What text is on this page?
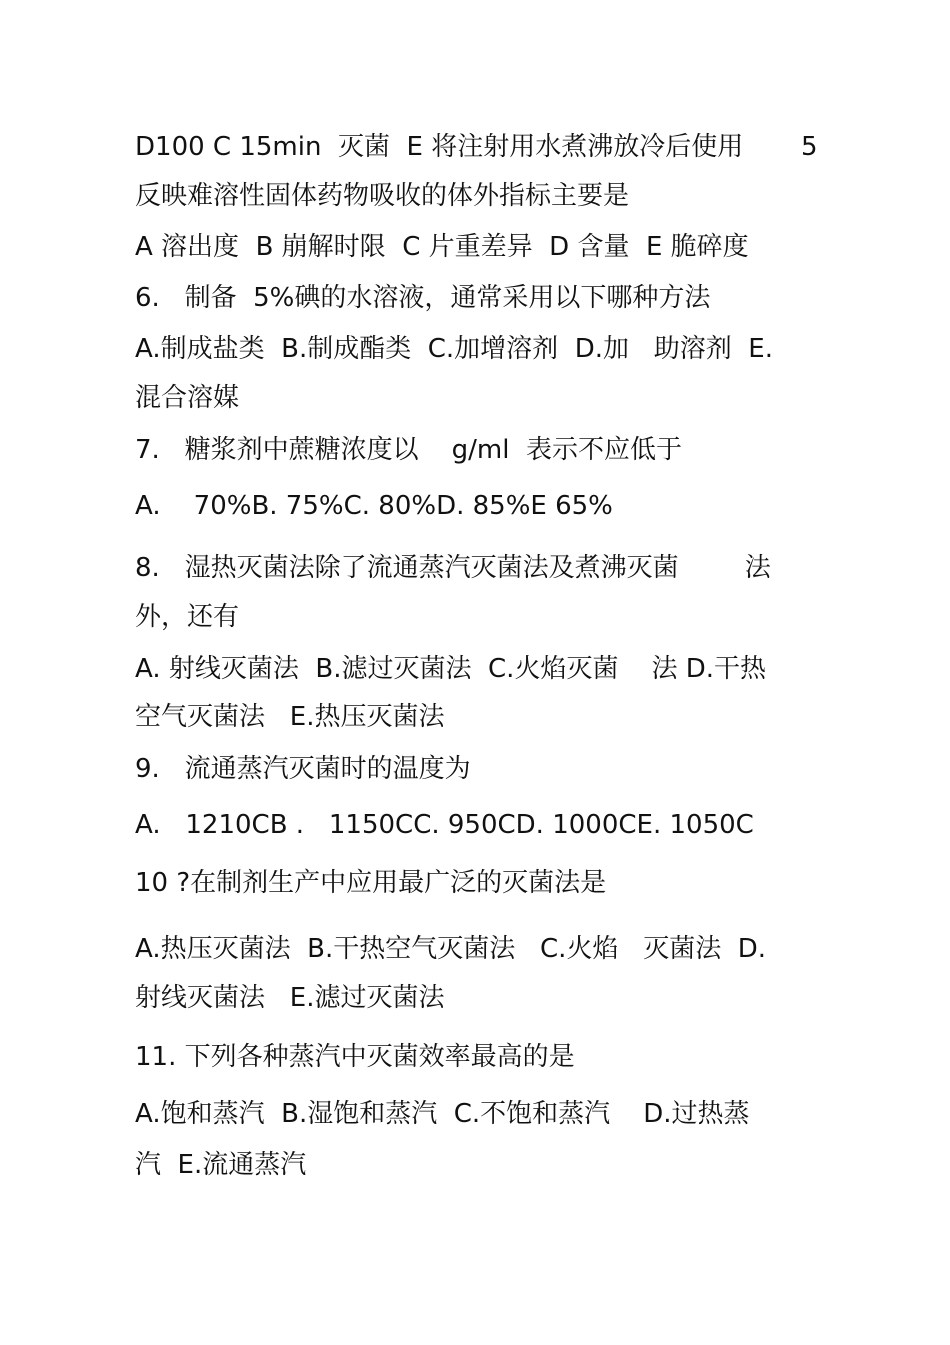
D100 C 15min  灭菌  E 将注射用水煮沸放冷后使用       5
反映难溶性固体药物吸收的体外指标主要是
A 溶出度  B 崩解时限  C 片重差异  D 含量  E 脆碎度
6.   制备  5%碘的水溶液，通常采用以下哪种方法
A.制成盐类  B.制成酯类  C.加增溶剂  D.加   助溶剂  E.
混合溶媒
7.   糖浆剂中蔗糖浓度以    g/ml  表示不应低于
A.    70%B. 75%C. 80%D. 85%E 65%
8.   湿热灭菌法除了流通蒸汽灭菌法及煮沸灭菌        法
外，还有
A. 射线灭菌法  B.滤过灭菌法  C.火焰灭菌    法 D.干热
空气灭菌法   E.热压灭菌法
9.   流通蒸汽灭菌时的温度为
A.   1210CB .   1150CC. 950CD. 1000CE. 1050C
10 ?在制剂生产中应用最广泛的灭菌法是
A.热压灭菌法  B.干热空气灭菌法   C.火焰   灭菌法  D.
射线灭菌法   E.滤过灭菌法
11. 下列各种蒸汽中灭菌效率最高的是
A.饱和蒸汽  B.湿饱和蒸汽  C.不饱和蒸汽    D.过热蒸
汽  E.流通蒸汽
